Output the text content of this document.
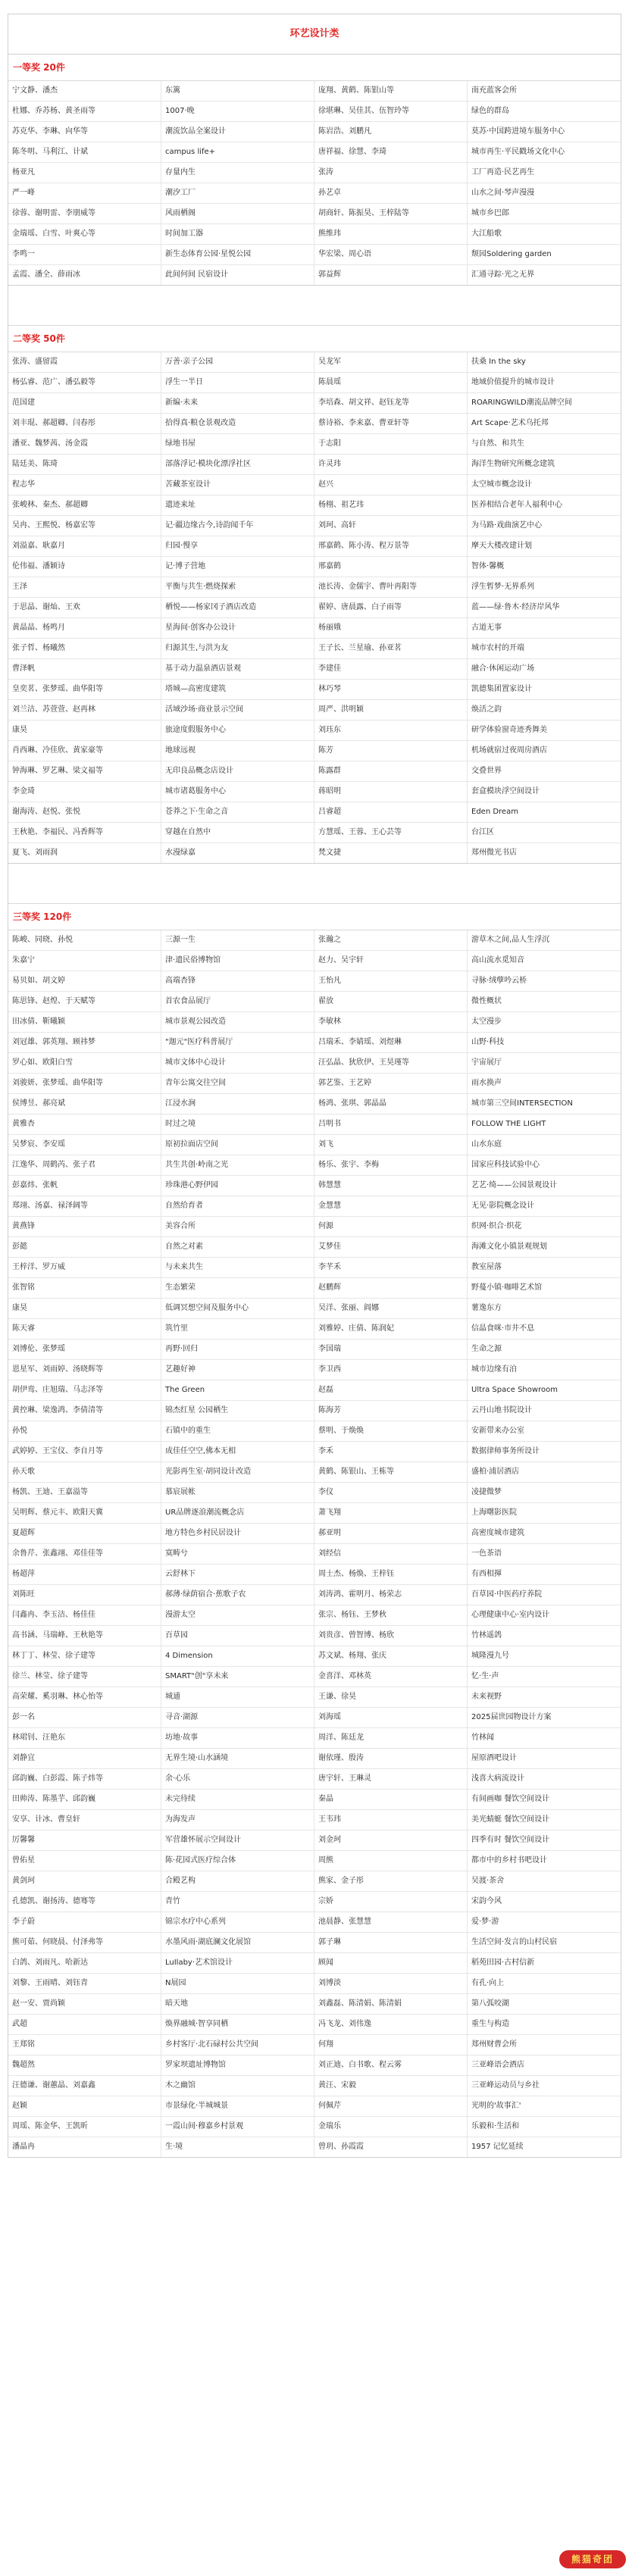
环艺设计类
一等奖 20件
宁文静、潘杰	东篱	庞翔、黄鹤、陈银山等	南充蓝客会所
杜娜、乔苏杨、黄圣雨等	1007·晚	徐堪琳、吴佳其、伍智玲等	绿色的群岛
苏克华、李琳、向华等	潮流饮品全案设计	陈岩浩、刘鹏凡	莫苏·中国跨进境车服务中心
陈冬明、马利江、计斌	campus life+	唐祥福、徐慧、李琦	城市再生·平民戳场文化中心
杨亚凡	存量内生	张涛	工厂再造·民艺再生
严一峰	潮汐工厂	孙艺卓	山水之间·琴声漫漫
徐蓉、谢明雷、李朋威等	风雨栖阁	胡商轩、陈振昊、王梓陆等	城市乡巴郎
金瑞瑶、白雪、叶爽心等	时间加工器	熊维玮	大江船歌
李鸣一	新生态体育公园·星悦公园	华宏梁、周心语	颓园Soldering garden
孟霞、潘全、薛雨冰	此间何间 民宿设计	郭益辉	汇通寻踪·光之无界
二等奖 50件
张涛、盛留霞	万善·亲子公园	吴龙军	扶桑 In the sky
杨弘睿、范广、潘弘毅等	浮生一半日	陈晨瑶	地域价值提升的城市设计
范国建	新编·未来	李培森、胡文祥、赵钰龙等	ROARINGWILD潮流品牌空间
刘丰琨、郝超卿、闫春彤	拾得真·粮仓景观改造	蔡诗裕、李来嘉、曹亚轩等	Art Scape·艺术乌托邦
潘亚、魏梦茜、汤金霞	绿地书屋	于志阳	与自然、和共生
陆廷美、陈琦	部落浮记·模块化漂浮社区	许灵玮	海洋生物研究所概念建筑
程志华	苦藏茶室设计	赵兴	太空城市概念设计
张峻林、秦杰、郝超卿	遗迹来址	杨栩、祖艺玮	医养相结合老年人福利中心
吴冉、王熙悦、杨嘉宏等	记·疆边缘古今,诗韵闻千年	刘珂、高轩	为马路·戏曲演艺中心
刘溢嘉、耿嘉月	归园·慢享	邢嘉鹤、陈小涛、程万景等	摩天大楼改建计划
伦伟福、潘颖诗	记·博子营地	邢嘉鹤	智体·馨概
王泽	平衡与共生·燃烧探索	池长涛、金儒宇、曹叶再阳等	浮生暂梦·无界系列
于思晶、谢灿、王欢	栖悦——杨家冈子酒店改造	翟婷、唐晨露、白子雨等	蓝——绿·鲁木·经济岸风华
黄晶晶、杨鸣月	星海间·创客办公设计	杨丽娥	古道无事
张子哲、杨曦然	归源其生,与洪为友	王子长、兰星瑜、孙亚茗	城市农村的开端
曹泽帆	基于动力温泉酒店景观	李建佳	融合·休闲运动广场
皇奕茗、张梦瑶、曲华阳等	塔城—高密度建筑	林巧琴	凯德集团置家设计
刘兰洁、苏萱萱、赵再林	活域沙场·商业景示空间	周严、洪明颖	焕活之韵
康昊	旅途度假服务中心	刘珏东	研学体验窗奇迹秀舞美
肖西琳、冷佳欣、黄家豪等	地球远视	陈芳	机场就宿过夜周房酒店
钟海琳、罗艺琳、梁文福等	无印良品概念店设计	陈露群	交叠世界
李金琦	城市诸葛服务中心	蒋昭明	套盒模块浮空间设计
谢海涛、赵悦、张悦	苍莽之下·生命之音	吕睿超	Eden Dream
王秋艳、李福民、冯香辉等	穿越在自然中	方慧瑶、王蓉、王心芸等	台江区
夏飞、刘雨润	水漫绿嘉	梵文捷	郑州微光书店
三等奖 120件
陈峻、同晓、孙悦	三源一生	张瀚之	游草木之间,品人生浮沉
朱嘉宁	津·遗民俗博物馆	赵力、吴宇轩	高山流水觅知音
易贝如、胡文婷	高端杏锋	王怡凡	寻脉·绒孽吟云桥
陈思锋、赵煌、于天赋等	首农食品展厅	翟放	微性概状
田冰倩、靳曦颖	城市景观公园改造	李敏林	太空漫步
刘冠雄、郭英翔、顾祎梦	"迦元"医疗科普展厅	吕瑞禾、李婧瑶、刘煜琳	山野·科技
罗心如、欧阳白雪	城市文体中心设计	汪弘晶、狄欣伊、王昊瑾等	宇宙展厅
刘骏妍、张梦瑶、曲华阳等	青年公寓交往空间	郭艺鉴、王艺婷	雨水换声
侯博昱、郝亮斌	江浸水涧	杨鸿、张琪、郭晶晶	城市第三空间INTERSECTION
黄雅杏	时过之境	吕明书	FOLLOW THE LIGHT
吴梦宸、李安瑶	原初拉面店空间	刘飞	山水东庭
江逸华、周鹤芮、张子君	共生共创·岭南之光	杨乐、张宇、李梅	国家应科技试验中心
彭嘉炜、张帆	珍珠港心野伊园	韩慧慧	艺艺·绮——公园景观设计
郑翊、汤嘉、禄泽阔等	自然给育者	金慧慧	无见·影院概念设计
黄燕锋	美容合所	何源	织网·织合·织花
彭懿	自然之对素	艾梦佳	海滩文化小镇景观规划
王梓洋、罗万威	与未来共生	李芊禾	教室屋落
张智铭	生态繁荣	赵鹏辉	野蔓小镇·咖啡艺术馆
康昊	低调冥想空间及服务中心	吴洋、张丽、阎娜	薯逸东方
陈天睿	筑竹里	刘雅婷、庄倩、陈润妃	信晶食咪·市井不息
刘博伦、张梦瑶	再野·回归	李国瑞	生命之源
恩星军、刘雨婷、汤晓辉等	艺趣好神	李卫西	城市边缘有泊
胡伊鸾、庄旭瑞、马志泽等	The Green	赵磊	Ultra Space Showroom
黄控琳、梁逸鸿、李倩清等	锦杰红星 公园栖生	陈海芳	云丹山地书院设计
孙悦	石镇中的重生	蔡明、于焕焕	安新带来办公室
武婷婷、王宝仪、李自月等	成佳任空空,佛本无相	李禾	数据律师事务所设计
孙天歌	光影再生室·胡同设计改造	黄鹤、陈银山、王栋等	盛柏·浦居酒店
杨凯、王迪、王嘉溢等	慕宸展帐	李仪	凌捷微梦
吴明辉、蔡元丰、欧阳天冀	UR品牌逐浪潮流概念店	萧飞翔	上海曙影医院
夏超辉	地方特色乡村民居设计	郝亚明	高密度城市建筑
余鲁芹、张鑫翊、邓佳佳等	寞畴兮	刘经信	一色茶语
杨超萍	云舒林下	周士杰、杨焕、王梓钰	有西相揮
刘陈旺	郝薄·绿荫宿合·蕉歌子农	刘涛鸿、霍明月、杨荣志	百草园·中医药疗养院
闫鑫冉、李玉洁、杨佳佳	漫游太空	张宗、杨钰、王梦秋	心理健康中心·室内设计
高书涵、马瑞峰、王秋艳等	百草园	刘贵彦、曾智博、杨欣	竹林遥鸽
林丁丁、林莹、徐子建等	4 Dimension	苏文斌、杨翔、张庆	城隆漫九号
徐兰、林莹、徐子建等	SMART"创"享未来	金喜洋、邓林英	忆·生·声
高荣耀、奚羽琳、林心怡等	城逋	王谦、徐昊	未来视野
彭一名	寻音·湖源	刘海瑶	2025届世园物设计方案
林珺钊、汪艳东	坊地·故事	周洋、陈廷龙	竹林闻
刘静宜	无界生境·山水涵境	谢依瑾、殷涛	屋原酒吧设计
邱韵巍、白彭霞、陈子炜等	余·心乐	唐宇轩、王琳灵	浅喜大病流设计
田帅涛、陈墨芋、邱韵巍	未完待续	秦晶	有间画咖 餐饮空间设计
安享、计冰、曹皇轩	为海发声	王韦玮	美光蜻蜓 餐饮空间设计
厉馨馨	军营雄怀展示空间设计	刘金珂	四季有时 餐饮空间设计
曾佑星	陈·花园式医疗综合体	周熊	都市中的乡村书吧设计
黄剑珂	合殿艺构	熊家、金子彤	吴渡·茶舍
孔德凯、谢扬涛、德骞等	青竹	宗娇	宋韵今风
李子蔚	锦宗水疗中心系列	池晨静、张慧慧	爱·梦·游
熊可茹、何晓晨、付泽弗等	水墨风雨·湖底澜文化展馆	郭子琳	生活空间·发言的山村民宿
白鸽、刘雨凡、哈新达	LuIlaby·艺术馆设计	顾闻	稻苑田园·古村信新
刘黎、王雨晴、刘钰青	N展园	刘博淡	有孔·向上
赵一安、贾尚颖	暗天地	刘鑫磊、陈清娟、陈清娟	第八弧咬湖
武超	焕界融城·智享同栖	冯飞龙、刘伟逸	重生与构造
王郑铭	乡村客厅·北石碌村公共空间	何翔	郑州财曹会所
魏超然	罗家坝遗址博物馆	刘正迪、白书歌、程云雾	三亚峰语会酒店
汪德谦、谢蕙晶、刘嘉鑫	木之幽馆	黄汪、宋毅	三亚峰运动员与乡社
赵颖	市景绿化·半城城景	何佩芹	光明的'故事汇'
周瑶、陈金华、王凯昕	一霞山间·穆嘉乡村景观	金瑞乐	乐毅和·生活和
潘晶冉	生·境	曾玥、孙霞霞	1957 记忆延续
熊猫奇团
